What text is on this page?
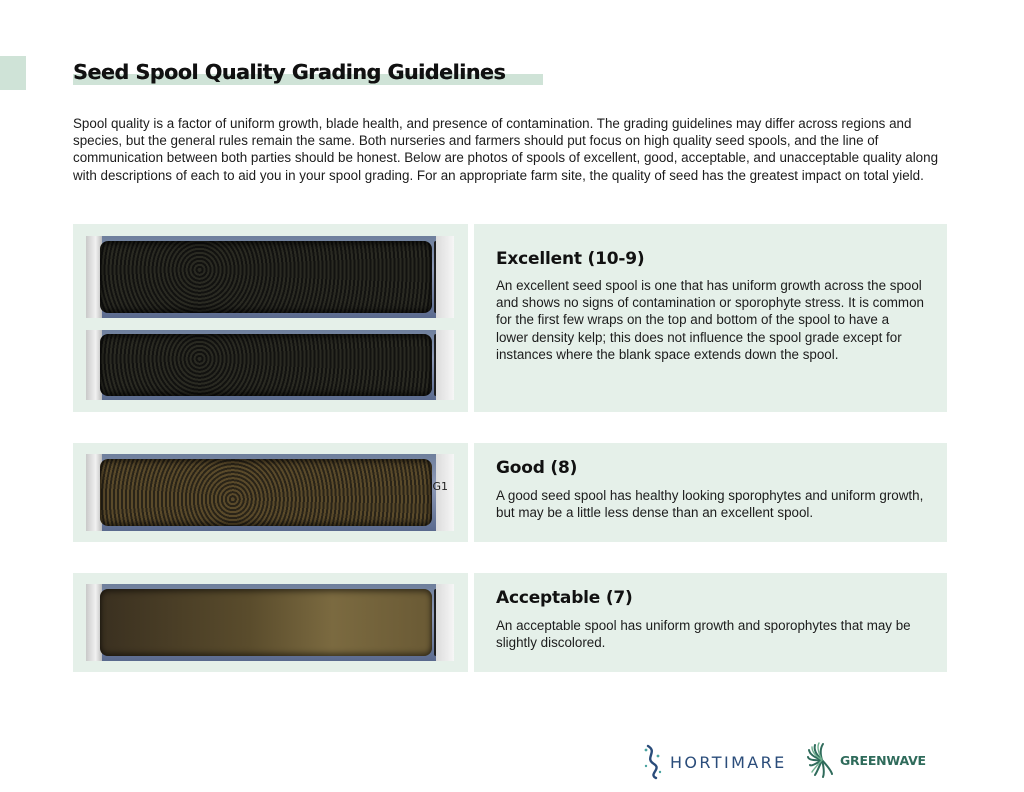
Seed Spool Quality Grading Guidelines

Spool quality is a factor of uniform growth, blade health, and presence of contamination. The grading guidelines may differ across regions and species, but the general rules remain the same. Both nurseries and farmers should put focus on high quality seed spools, and the line of communication between both parties should be honest. Below are photos of spools of excellent, good, acceptable, and unacceptable quality along with descriptions of each to aid you in your spool grading. For an appropriate farm site, the quality of seed has the greatest impact on total yield.

Excellent (10-9)

An excellent seed spool is one that has uniform growth across the spool and shows no signs of contamination or sporophyte stress. It is common for the first few wraps on the top and bottom of the spool to have a lower density kelp; this does not influence the spool grade except for instances where the blank space extends down the spool.

G1
Good (8)

A good seed spool has healthy looking sporophytes and uniform growth, but may be a little less dense than an excellent spool.

Acceptable (7)

An acceptable spool has uniform growth and sporophytes that may be slightly discolored.

HORTIMARE	GREENWAVE
